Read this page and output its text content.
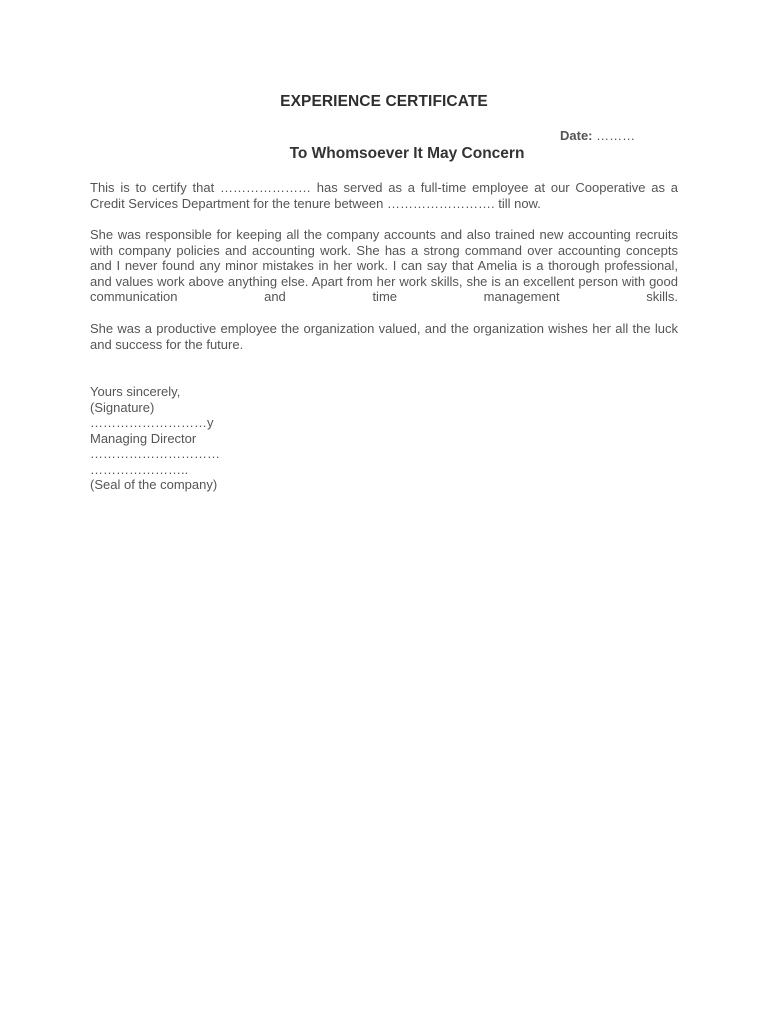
EXPERIENCE CERTIFICATE
Date: ………
To Whomsoever It May Concern

This is to certify that ………………… has served as a full-time employee at our Cooperative as a Credit Services Department for the tenure between ……………………. till now.

She was responsible for keeping all the company accounts and also trained new accounting recruits with company policies and accounting work. She has a strong command over accounting concepts and I never found any minor mistakes in her work. I can say that Amelia is a thorough professional, and values work above anything else. Apart from her work skills, she is an excellent person with good communication and time management skills.

She was a productive employee the organization valued, and the organization wishes her all the luck and success for the future.

Yours sincerely,
(Signature)
………………………y
Managing Director
…………………………
…………………..
(Seal of the company)
